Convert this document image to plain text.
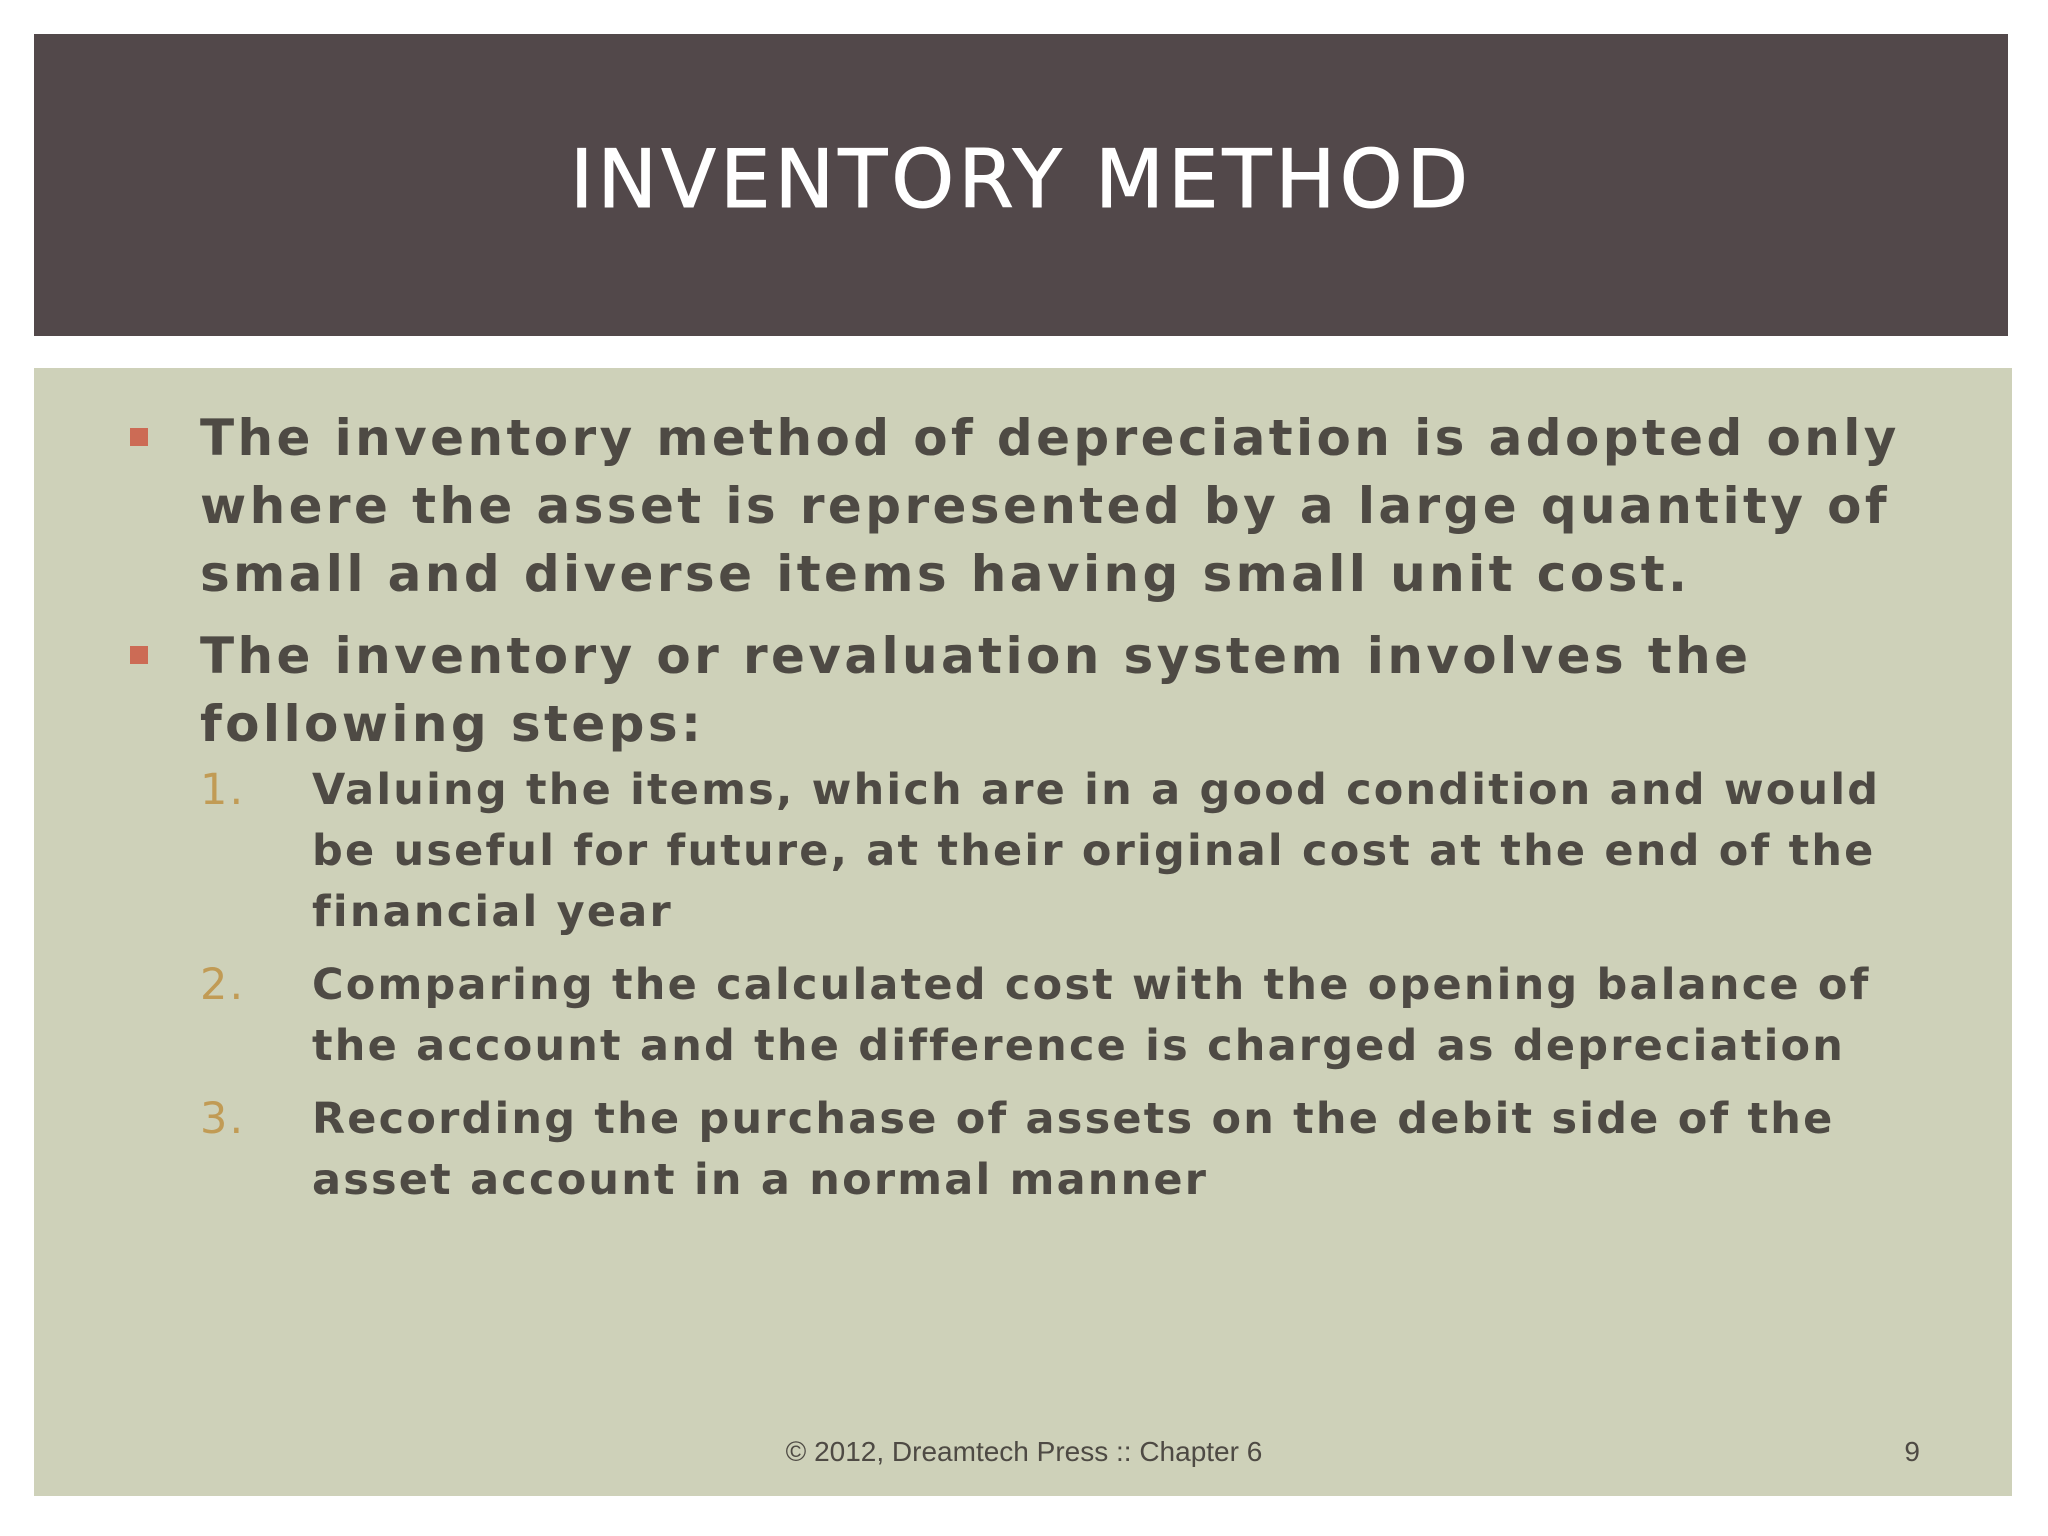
INVENTORY METHOD
The inventory method of depreciation is adopted only where the asset is represented by a large quantity of small and diverse items having small unit cost.
The inventory or revaluation system involves the following steps:
1. Valuing the items, which are in a good condition and would be useful for future, at their original cost at the end of the financial year
2. Comparing the calculated cost with the opening balance of the account and the difference is charged as depreciation
3. Recording the purchase of assets on the debit side of the asset account in a normal manner
© 2012, Dreamtech Press :: Chapter 6	9
